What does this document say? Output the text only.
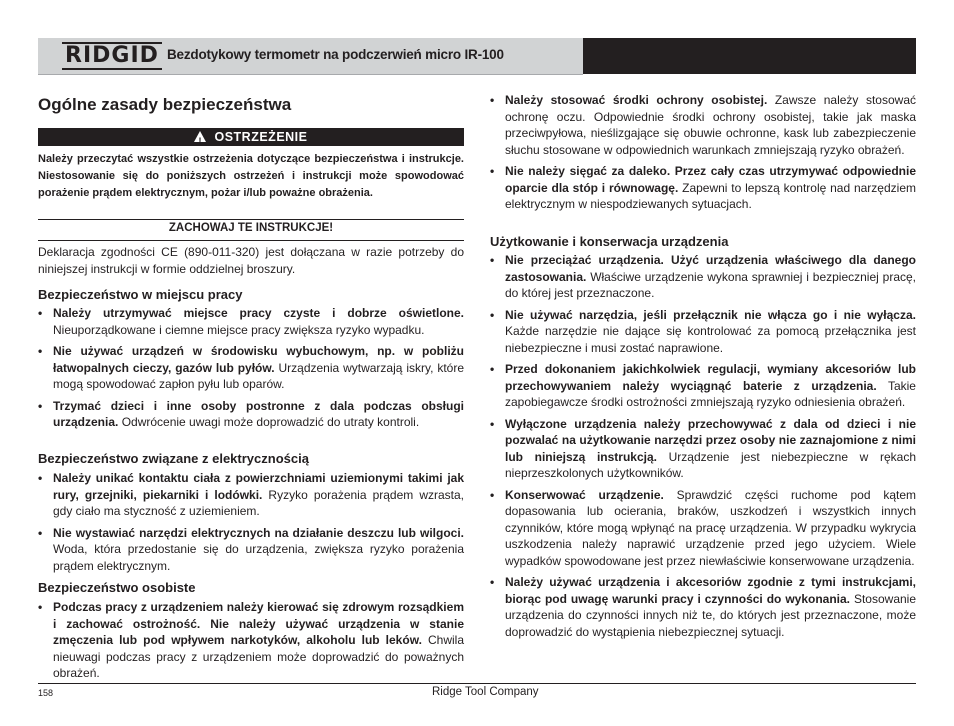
RIDGID Bezdotykowy termometr na podczerwień micro IR-100
Ogólne zasady bezpieczeństwa
!OSTRZEŻENIE
Należy przeczytać wszystkie ostrzeżenia dotyczące bezpieczeństwa i instrukcje. Niestosowanie się do poniższych ostrzeżeń i instrukcji może spowodować porażenie prądem elektrycznym, pożar i/lub poważne obrażenia.
ZACHOWAJ TE INSTRUKCJE!
Deklaracja zgodności CE (890-011-320) jest dołączana w razie potrzeby do niniejszej instrukcji w formie oddzielnej broszury.
Bezpieczeństwo w miejscu pracy
• Należy utrzymywać miejsce pracy czyste i dobrze oświetlone. Nieuporządkowane i ciemne miejsce pracy zwiększa ryzyko wypadku.
• Nie używać urządzeń w środowisku wybuchowym, np. w pobliżu łatwopalnych cieczy, gazów lub pyłów. Urządzenia wytwarzają iskry, które mogą spowodować zapłon pyłu lub oparów.
• Trzymać dzieci i inne osoby postronne z dala podczas obsługi urządzenia. Odwrócenie uwagi może doprowadzić do utraty kontroli.
Bezpieczeństwo związane z elektrycznością
• Należy unikać kontaktu ciała z powierzchniami uziemionymi takimi jak rury, grzejniki, piekarniki i lodówki. Ryzyko porażenia prądem wzrasta, gdy ciało ma styczność z uziemieniem.
• Nie wystawiać narzędzi elektrycznych na działanie deszczu lub wilgoci. Woda, która przedostanie się do urządzenia, zwiększa ryzyko porażenia prądem elektrycznym.
Bezpieczeństwo osobiste
• Podczas pracy z urządzeniem należy kierować się zdrowym rozsądkiem i zachować ostrożność. Nie należy używać urządzenia w stanie zmęczenia lub pod wpływem narkotyków, alkoholu lub leków. Chwila nieuwagi podczas pracy z urządzeniem może doprowadzić do poważnych obrażeń.
• Należy stosować środki ochrony osobistej. Zawsze należy stosować ochronę oczu. Odpowiednie środki ochrony osobistej, takie jak maska przeciwpyłowa, nieślizgające się obuwie ochronne, kask lub zabezpieczenie słuchu stosowane w odpowiednich warunkach zmniejszają ryzyko obrażeń.
• Nie należy sięgać za daleko. Przez cały czas utrzymywać odpowiednie oparcie dla stóp i równowagę. Zapewni to lepszą kontrolę nad narzędziem elektrycznym w niespodziewanych sytuacjach.
Użytkowanie i konserwacja urządzenia
• Nie przeciążać urządzenia. Użyć urządzenia właściwego dla danego zastosowania. Właściwe urządzenie wykona sprawniej i bezpieczniej pracę, do której jest przeznaczone.
• Nie używać narzędzia, jeśli przełącznik nie włącza go i nie wyłącza. Każde narzędzie nie dające się kontrolować za pomocą przełącznika jest niebezpieczne i musi zostać naprawione.
• Przed dokonaniem jakichkolwiek regulacji, wymiany akcesoriów lub przechowywaniem należy wyciągnąć baterie z urządzenia. Takie zapobiegawcze środki ostrożności zmniejszają ryzyko odniesienia obrażeń.
• Wyłączone urządzenia należy przechowywać z dala od dzieci i nie pozwalać na użytkowanie narzędzi przez osoby nie zaznajomione z nimi lub niniejszą instrukcją. Urządzenie jest niebezpieczne w rękach nieprzeszkolonych użytkowników.
• Konserwować urządzenie. Sprawdzić części ruchome pod kątem dopasowania lub ocierania, braków, uszkodzeń i wszystkich innych czynników, które mogą wpłynąć na pracę urządzenia. W przypadku wykrycia uszkodzenia należy naprawić urządzenie przed jego użyciem. Wiele wypadków spowodowane jest przez niewłaściwie konserwowane urządzenia.
• Należy używać urządzenia i akcesoriów zgodnie z tymi instrukcjami, biorąc pod uwagę warunki pracy i czynności do wykonania. Stosowanie urządzenia do czynności innych niż te, do których jest przeznaczone, może doprowadzić do wystąpienia niebezpiecznej sytuacji.
158	Ridge Tool Company
